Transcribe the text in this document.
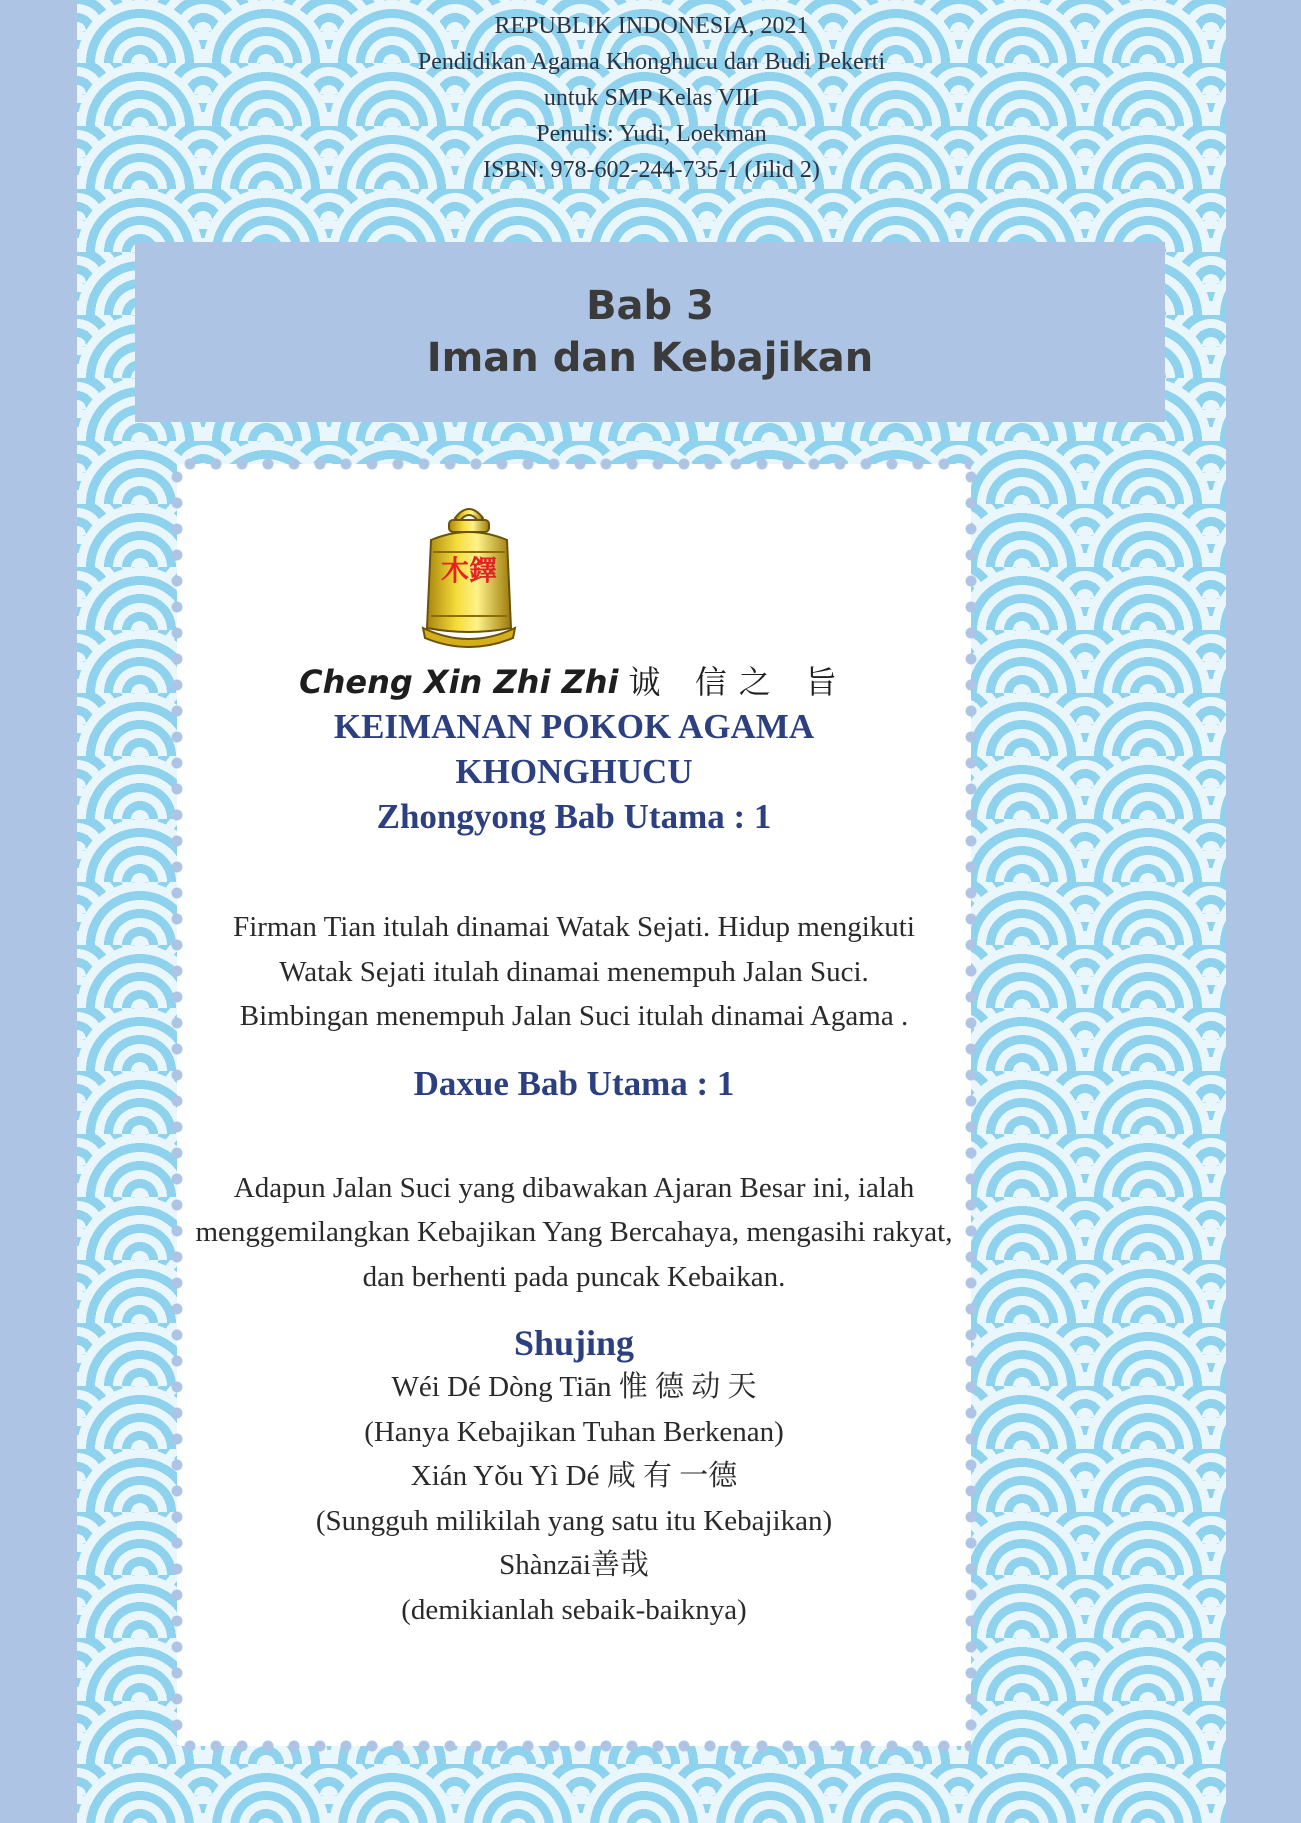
REPUBLIK INDONESIA, 2021
Pendidikan Agama Khonghucu dan Budi Pekerti
untuk SMP Kelas VIII
Penulis: Yudi, Loekman
ISBN: 978-602-244-735-1 (Jilid 2)
Bab 3
Iman dan Kebajikan
木鐸
Cheng Xin Zhi Zhi 诚 信之 旨
KEIMANAN POKOK AGAMA
KHONGHUCU
Zhongyong Bab Utama : 1

Firman Tian itulah dinamai Watak Sejati. Hidup mengikuti Watak Sejati itulah dinamai menempuh Jalan Suci. Bimbingan menempuh Jalan Suci itulah dinamai Agama .

Daxue Bab Utama : 1

Adapun Jalan Suci yang dibawakan Ajaran Besar ini, ialah menggemilangkan Kebajikan Yang Bercahaya, mengasihi rakyat, dan berhenti pada puncak Kebaikan.

Shujing
Wéi Dé Dòng Tiān 惟 德 动 天
(Hanya Kebajikan Tuhan Berkenan)
Xián Yǒu Yì Dé 咸 有 一德
(Sungguh milikilah yang satu itu Kebajikan)
Shànzāi善哉
(demikianlah sebaik-baiknya)
